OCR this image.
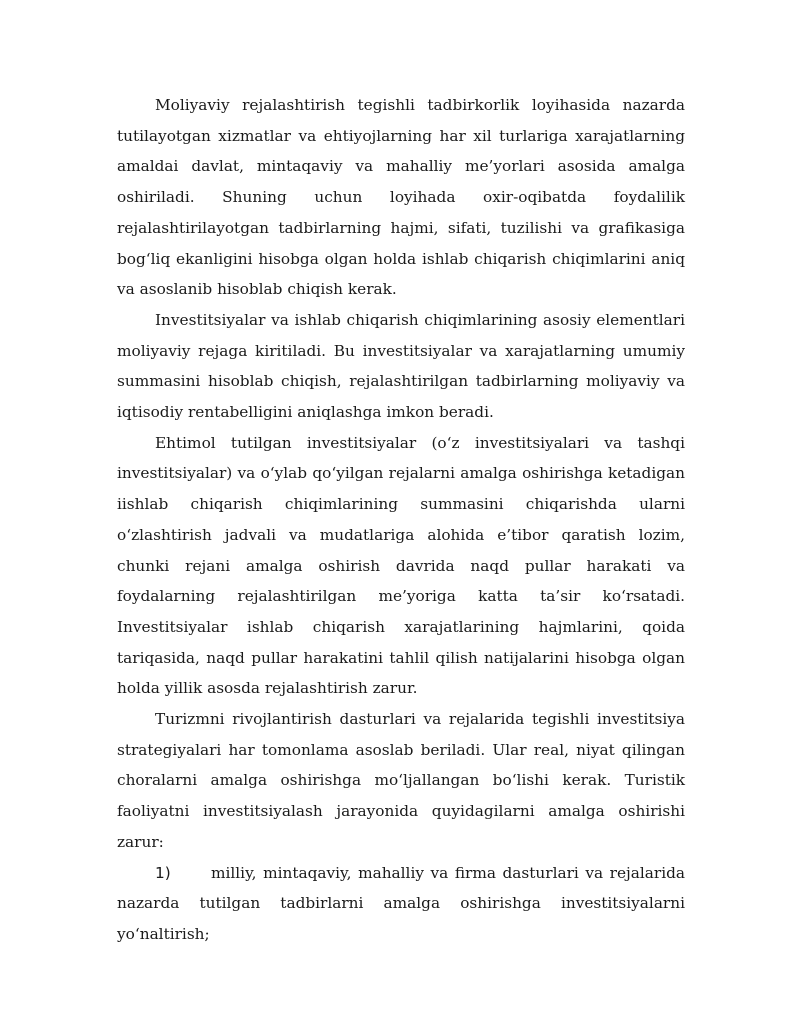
Moliyaviy rejalashtirish tegishli tadbirkorlik loyihasida nazarda tutilayotgan xizmatlar va ehtiyojlarning har xil turlariga xarajatlarning amaldai davlat, mintaqaviy va mahalliy me’yorlari asosida amalga oshiriladi. Shuning uchun loyihada oxir-oqibatda foydalilik rejalashtirilayotgan tadbirlarning hajmi, sifati, tuzilishi va grafikasiga bog‘liq ekanligini hisobga olgan holda ishlab chiqarish chiqimlarini aniq va asoslanib hisoblab chiqish kerak.

Investitsiyalar va ishlab chiqarish chiqimlarining asosiy elementlari moliyaviy rejaga kiritiladi. Bu investitsiyalar va xarajatlarning umumiy summasini hisoblab chiqish, rejalashtirilgan tadbirlarning moliyaviy va iqtisodiy rentabelligini aniqlashga imkon beradi.

Ehtimol tutilgan investitsiyalar (o‘z investitsiyalari va tashqi investitsiyalar) va o‘ylab qo‘yilgan rejalarni amalga oshirishga ketadigan iishlab chiqarish chiqimlarining summasini chiqarishda ularni o‘zlashtirish jadvali va mudatlariga alohida e’tibor qaratish lozim, chunki rejani amalga oshirish davrida naqd pullar harakati va foydalarning rejalashtirilgan me’yoriga katta ta’sir ko‘rsatadi. Investitsiyalar ishlab chiqarish xarajatlarining hajmlarini, qoida tariqasida, naqd pullar harakatini tahlil qilish natijalarini hisobga olgan holda yillik asosda rejalashtirish zarur.

Turizmni rivojlantirish dasturlari va rejalarida tegishli investitsiya strategiyalari har tomonlama asoslab beriladi. Ular real, niyat qilingan choralarni amalga oshirishga mo‘ljallangan bo‘lishi kerak. Turistik faoliyatni investitsiyalash jarayonida quyidagilarni amalga oshirishi zarur:

1)	milliy, mintaqaviy, mahalliy va firma dasturlari va rejalarida nazarda tutilgan tadbirlarni amalga oshirishga investitsiyalarni yo‘naltirish;
